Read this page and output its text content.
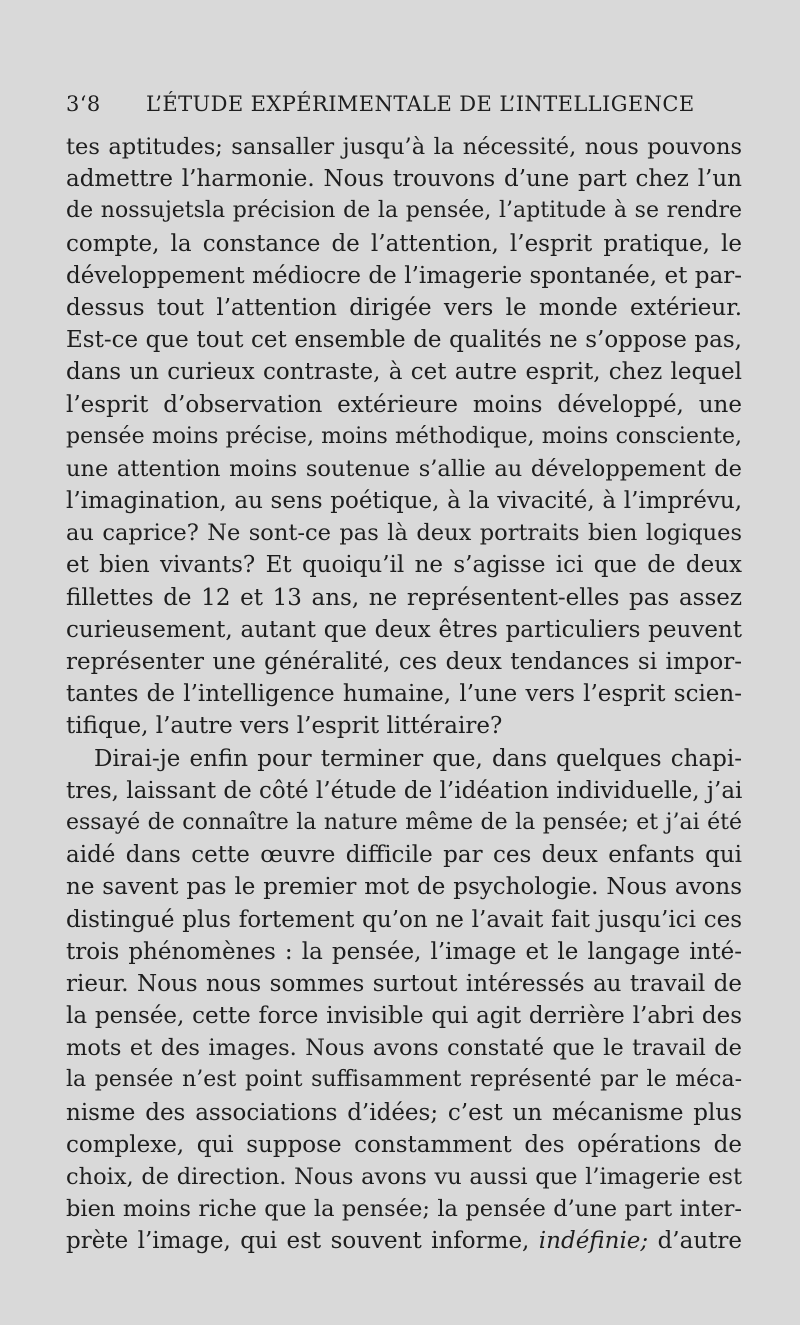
3ʻ8 L’ÉTUDE EXPÉRIMENTALE DE L’INTELLIGENCE
tes aptitudes; sansaller jusqu’à la nécessité, nous pouvons
admettre l’harmonie. Nous trouvons d’une part chez l’un
de nossujetsla précision de la pensée, l’aptitude à se rendre
compte, la constance de l’attention, l’esprit pratique, le
développement médiocre de l’imagerie spontanée, et par-
dessus tout l’attention dirigée vers le monde extérieur.
Est-ce que tout cet ensemble de qualités ne s’oppose pas,
dans un curieux contraste, à cet autre esprit, chez lequel
l’esprit d’observation extérieure moins développé, une
pensée moins précise, moins méthodique, moins consciente,
une attention moins soutenue s’allie au développement de
l’imagination, au sens poétique, à la vivacité, à l’imprévu,
au caprice? Ne sont-ce pas là deux portraits bien logiques
et bien vivants? Et quoiqu’il ne s’agisse ici que de deux
fillettes de 12 et 13 ans, ne représentent-elles pas assez
curieusement, autant que deux êtres particuliers peuvent
représenter une généralité, ces deux tendances si impor-
tantes de l’intelligence humaine, l’une vers l’esprit scien-
tifique, l’autre vers l’esprit littéraire?
Dirai-je enfin pour terminer que, dans quelques chapi-
tres, laissant de côté l’étude de l’idéation individuelle, j’ai
essayé de connaître la nature même de la pensée; et j’ai été
aidé dans cette œuvre difficile par ces deux enfants qui
ne savent pas le premier mot de psychologie. Nous avons
distingué plus fortement qu’on ne l’avait fait jusqu’ici ces
trois phénomènes : la pensée, l’image et le langage inté-
rieur. Nous nous sommes surtout intéressés au travail de
la pensée, cette force invisible qui agit derrière l’abri des
mots et des images. Nous avons constaté que le travail de
la pensée n’est point suffisamment représenté par le méca-
nisme des associations d’idées; c’est un mécanisme plus
complexe, qui suppose constamment des opérations de
choix, de direction. Nous avons vu aussi que l’imagerie est
bien moins riche que la pensée; la pensée d’une part inter-
prète l’image, qui est souvent informe, indéfinie; d’autre
